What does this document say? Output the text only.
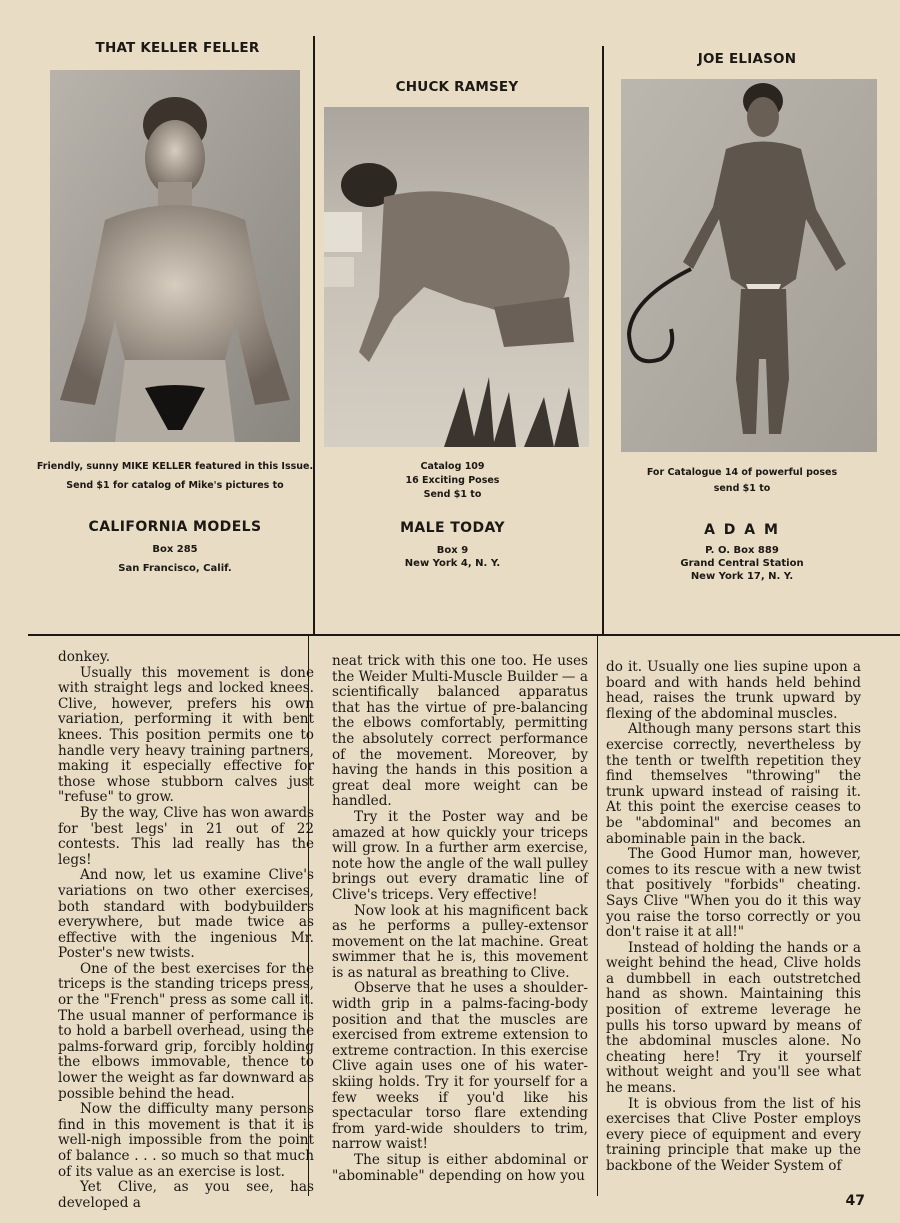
THAT KELLER FELLER
Friendly, sunny MIKE KELLER featured in this Issue.
Send $1 for catalog of Mike's pictures to
CALIFORNIA MODELS
Box 285
San Francisco, Calif.
CHUCK RAMSEY
Catalog 109
16 Exciting Poses
Send $1 to
MALE TODAY
Box 9
New York 4, N. Y.
JOE ELIASON
For Catalogue 14 of powerful poses
send $1 to
A D A M
P. O. Box 889
Grand Central Station
New York 17, N. Y.

donkey.

Usually this movement is done with straight legs and locked knees. Clive, however, prefers his own variation, performing it with bent knees. This position permits one to handle very heavy training partners, making it especially effective for those whose stubborn calves just "refuse" to grow.

By the way, Clive has won awards for 'best legs' in 21 out of 22 contests. This lad really has the legs!

And now, let us examine Clive's variations on two other exercises, both standard with bodybuilders everywhere, but made twice as effective with the ingenious Mr. Poster's new twists.

One of the best exercises for the triceps is the standing triceps press, or the "French" press as some call it. The usual manner of performance is to hold a barbell overhead, using the palms-forward grip, forcibly holding the elbows immovable, thence to lower the weight as far downward as possible behind the head.

Now the difficulty many persons find in this movement is that it is well-nigh impossible from the point of balance . . . so much so that much of its value as an exercise is lost.

Yet Clive, as you see, has developed a

neat trick with this one too. He uses the Weider Multi-Muscle Builder — a scientifically balanced apparatus that has the virtue of pre-balancing the elbows comfortably, permitting the absolutely correct performance of the movement. Moreover, by having the hands in this position a great deal more weight can be handled.

Try it the Poster way and be amazed at how quickly your triceps will grow. In a further arm exercise, note how the angle of the wall pulley brings out every dramatic line of Clive's triceps. Very effective!

Now look at his magnificent back as he performs a pulley-extensor movement on the lat machine. Great swimmer that he is, this movement is as natural as breathing to Clive.

Observe that he uses a shoulder-width grip in a palms-facing-body position and that the muscles are exercised from extreme extension to extreme contraction. In this exercise Clive again uses one of his water-skiing holds. Try it for yourself for a few weeks if you'd like his spectacular torso flare extending from yard-wide shoulders to trim, narrow waist!

The situp is either abdominal or "abominable" depending on how you

do it. Usually one lies supine upon a board and with hands held behind head, raises the trunk upward by flexing of the abdominal muscles.

Although many persons start this exercise correctly, nevertheless by the tenth or twelfth repetition they find themselves "throwing" the trunk upward instead of raising it. At this point the exercise ceases to be "abdominal" and becomes an abominable pain in the back.

The Good Humor man, however, comes to its rescue with a new twist that positively "forbids" cheating. Says Clive "When you do it this way you raise the torso correctly or you don't raise it at all!"

Instead of holding the hands or a weight behind the head, Clive holds a dumbbell in each outstretched hand as shown. Maintaining this position of extreme leverage he pulls his torso upward by means of the abdominal muscles alone. No cheating here! Try it yourself without weight and you'll see what he means.

It is obvious from the list of his exercises that Clive Poster employs every piece of equipment and every training principle that make up the backbone of the Weider System of

47
